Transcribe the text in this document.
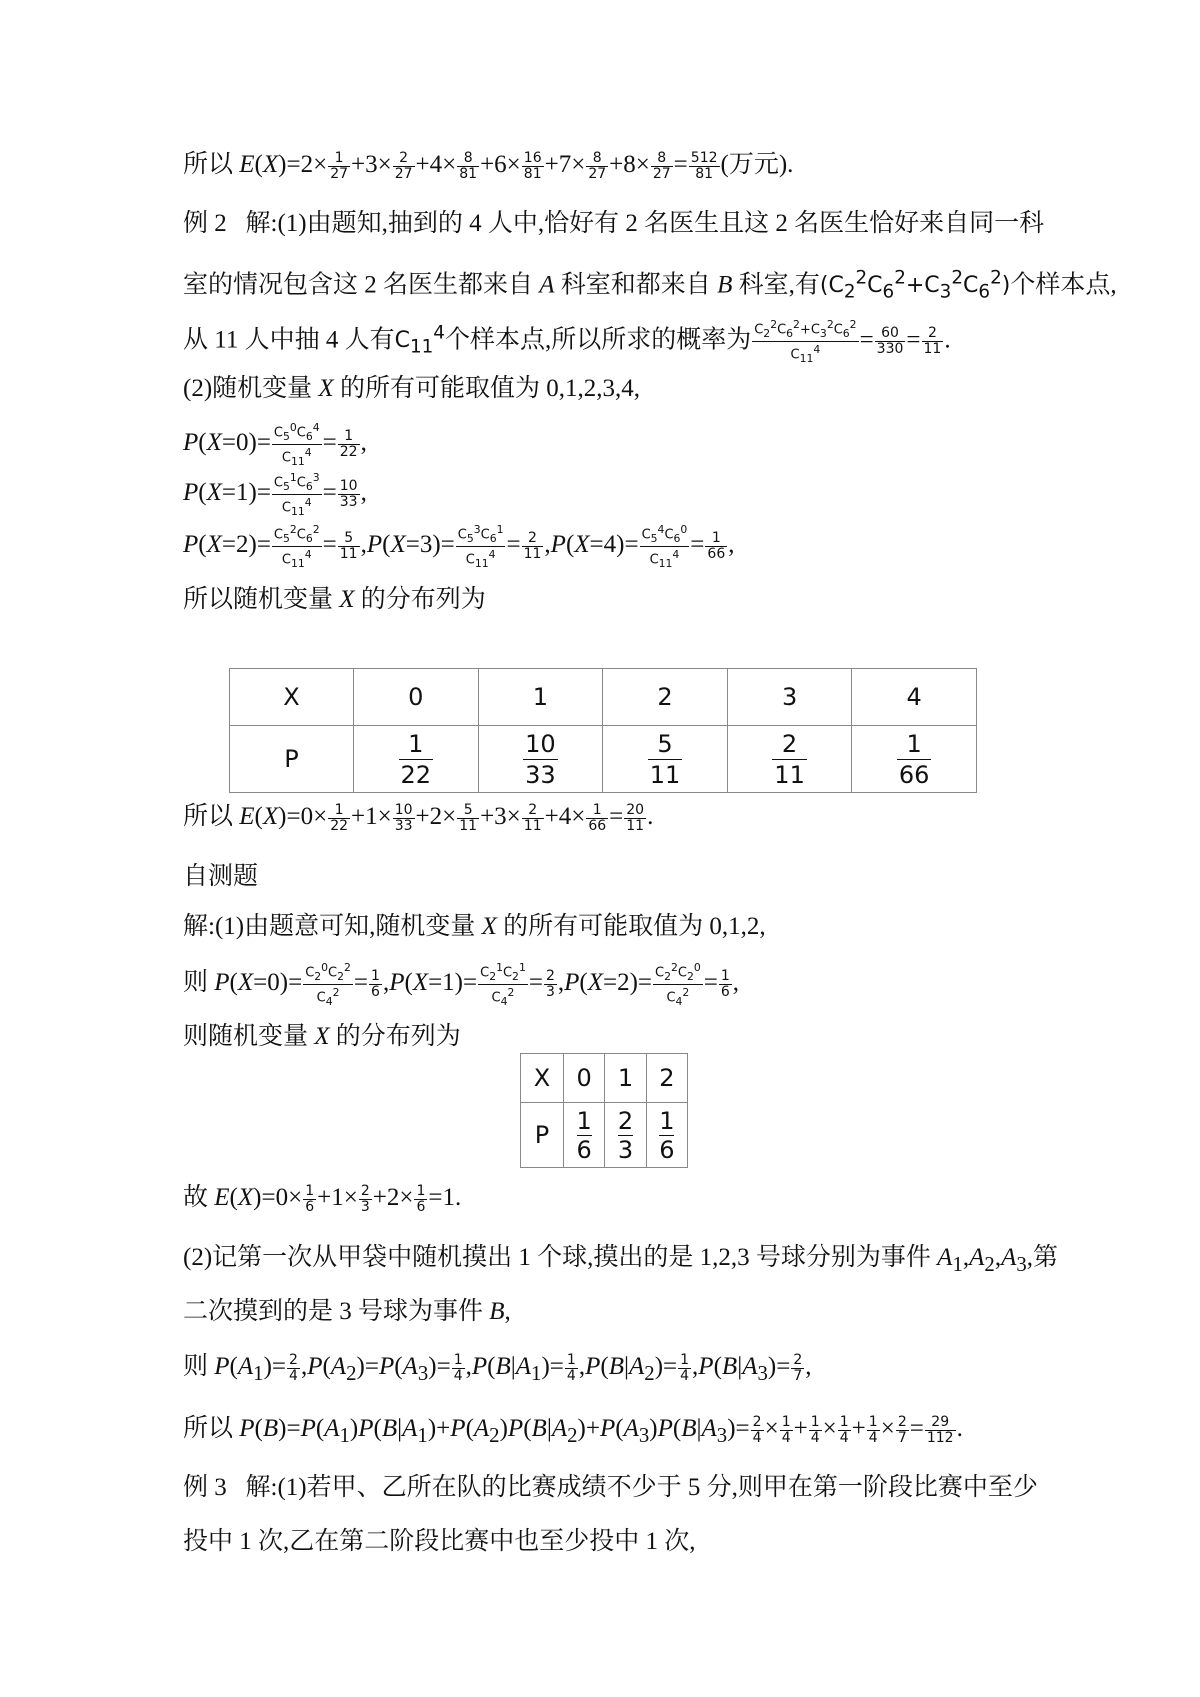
所以 $E(X)=2\times \frac{1}{27} +3\times \frac{2}{27} +4\times \frac{8}{81} +6\times \frac{16}{81} +7\times \frac{8}{27} +8\times \frac{8}{27} = \frac{512}{81}$ (万元).
例 2 解:(1)由题知,抽到的 4 人中,恰好有 2 名医生且这 2 名医生恰好来自同一科
室的情况包含这 2 名医生都来自 A 科室和都来自 B 科室,有$(C_2^2C_6^2+C_3^2C_6^2)$个样本点,
从 11 人中抽 4 人有$C_{11}^4$个样本点,所以所求的概率为 $\frac{C_2^2C_6^2+C_3^2C_6^2}{C_{11}^4} = \frac{60}{330} = \frac{2}{11}$ .
(2)随机变量 X 的所有可能取值为 0,1,2,3,4,
$P(X=0)= \frac{C_5^0C_6^4}{C_{11}^4} = \frac{1}{22}$ ,
$P(X=1)= \frac{C_5^1C_6^3}{C_{11}^4} = \frac{10}{33}$ ,
$P(X=2)= \frac{C_5^2C_6^2}{C_{11}^4} = \frac{5}{11} ,P(X=3)= \frac{C_5^3C_6^1}{C_{11}^4} = \frac{2}{11} ,P(X=4)= \frac{C_5^4C_6^0}{C_{11}^4} = \frac{1}{66}$ ,
所以随机变量 X 的分布列为
X	0	1	2	3	4
P	$\frac{1}{22}$	$\frac{10}{33}$	$\frac{5}{11}$	$\frac{2}{11}$	$\frac{1}{66}$
所以 $E(X)=0\times \frac{1}{22} +1\times \frac{10}{33} +2\times \frac{5}{11} +3\times \frac{2}{11} +4\times \frac{1}{66} = \frac{20}{11}$ .
自测题
解:(1)由题意可知,随机变量 X 的所有可能取值为 0,1,2,
则 $P(X=0)= \frac{C_2^0C_2^2}{C_4^2} = \frac{1}{6} ,P(X=1)= \frac{C_2^1C_2^1}{C_4^2} = \frac{2}{3} ,P(X=2)= \frac{C_2^2C_2^0}{C_4^2} = \frac{1}{6}$ ,
则随机变量 X 的分布列为
X	0	1	2
P	$\frac{1}{6}$	$\frac{2}{3}$	$\frac{1}{6}$
故 $E(X)=0\times \frac{1}{6} +1\times \frac{2}{3} +2\times \frac{1}{6} =1$.
(2)记第一次从甲袋中随机摸出 1 个球,摸出的是 1,2,3 号球分别为事件 $A_1,A_2,A_3$,第
二次摸到的是 3 号球为事件 B,
则 $P(A_1)= \frac{2}{4} ,P(A_2)=P(A_3)= \frac{1}{4} ,P(B|A_1)= \frac{1}{4} ,P(B|A_2)= \frac{1}{4} ,P(B|A_3)= \frac{2}{7}$ ,
所以 $P(B)=P(A_1)P(B|A_1)+P(A_2)P(B|A_2)+P(A_3)P(B|A_3)= \frac{2}{4} \times \frac{1}{4} + \frac{1}{4} \times \frac{1}{4} + \frac{1}{4} \times \frac{2}{7} = \frac{29}{112}$ .
例 3 解:(1)若甲、乙所在队的比赛成绩不少于 5 分,则甲在第一阶段比赛中至少
投中 1 次,乙在第二阶段比赛中也至少投中 1 次,
